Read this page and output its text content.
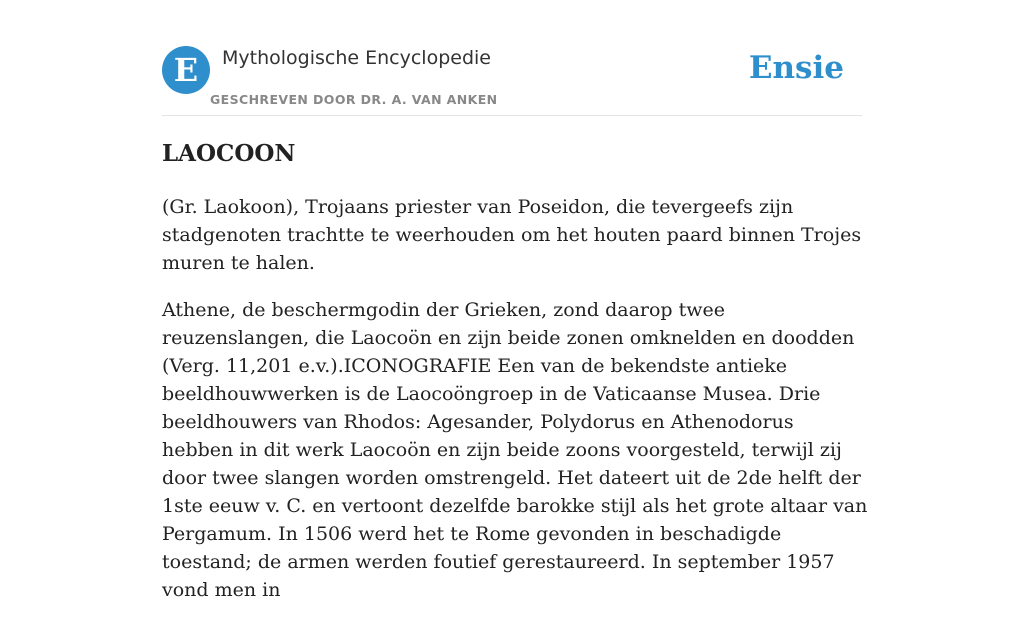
E	Mythologische Encyclopedie
GESCHREVEN DOOR DR. A. VAN ANKEN
Ensie
LAOCOON

(Gr. Laokoon), Trojaans priester van Poseidon, die tevergeefs zijn stadgenoten trachtte te weerhouden om het houten paard binnen Trojes muren te halen.

Athene, de beschermgodin der Grieken, zond daarop twee reuzenslangen, die Laocoön en zijn beide zonen omknelden en doodden (Verg. 11,201 e.v.).ICONOGRAFIE Een van de bekendste antieke beeldhouwwerken is de Laocoöngroep in de Vaticaanse Musea. Drie beeldhouwers van Rhodos: Agesander, Polydorus en Athenodorus hebben in dit werk Laocoön en zijn beide zoons voorgesteld, terwijl zij door twee slangen worden omstrengeld. Het dateert uit de 2de helft der 1ste eeuw v. C. en vertoont dezelfde barokke stijl als het grote altaar van Pergamum. In 1506 werd het te Rome gevonden in beschadigde toestand; de armen werden foutief gerestaureerd. In september 1957 vond men in
